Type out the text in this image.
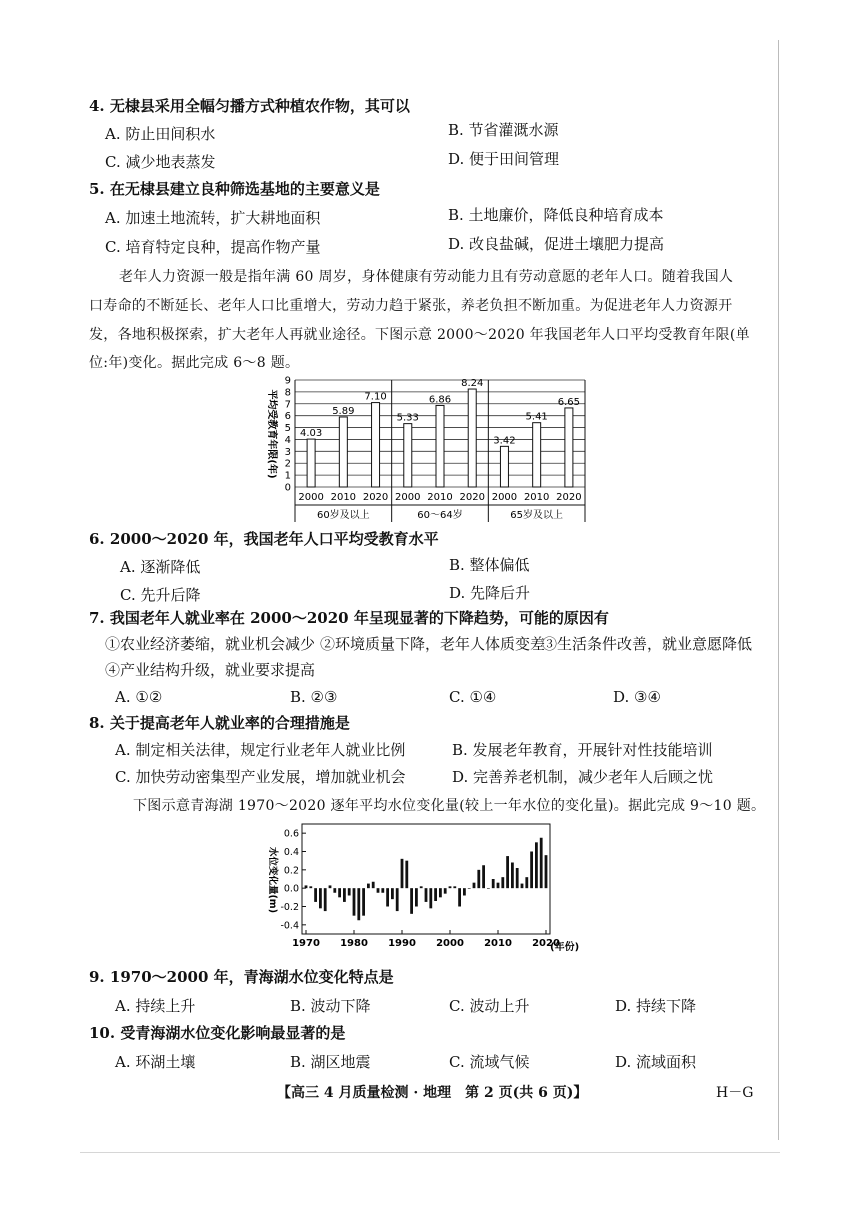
4. 无棣县采用全幅匀播方式种植农作物，其可以
A. 防止田间积水	B. 节省灌溉水源
C. 减少地表蒸发	D. 便于田间管理
5. 在无棣县建立良种筛选基地的主要意义是
A. 加速土地流转，扩大耕地面积	B. 土地廉价，降低良种培育成本
C. 培育特定良种，提高作物产量	D. 改良盐碱，促进土壤肥力提高
老年人力资源一般是指年满 60 周岁，身体健康有劳动能力且有劳动意愿的老年人口。随着我国人
口寿命的不断延长、老年人口比重增大，劳动力趋于紧张，养老负担不断加重。为促进老年人力资源开
发，各地积极探索，扩大老年人再就业途径。下图示意 2000～2020 年我国老年人口平均受教育年限(单
位:年)变化。据此完成 6～8 题。
4.03
5.89
7.10
5.33
6.86
8.24
3.42
5.41
6.65
0
1
2
3
4
5
6
7
8
9
2000 2010 2020 2000 2010 2020 2000 2010 2020
60岁及以上	60～64岁	65岁及以上
平均受教育年限(年)
6. 2000～2020 年，我国老年人口平均受教育水平
A. 逐渐降低	B. 整体偏低
C. 先升后降	D. 先降后升
7. 我国老年人就业率在 2000～2020 年呈现显著的下降趋势，可能的原因有
①农业经济萎缩，就业机会减少 ②环境质量下降，老年人体质变差
③生活条件改善，就业意愿降低
④产业结构升级，就业要求提高
A. ①②	B. ②③	C. ①④	D. ③④
8. 关于提高老年人就业率的合理措施是
A. 制定相关法律，规定行业老年人就业比例	B. 发展老年教育，开展针对性技能培训
C. 加快劳动密集型产业发展，增加就业机会	D. 完善养老机制，减少老年人后顾之忧
下图示意青海湖 1970～2020 逐年平均水位变化量(较上一年水位的变化量)。据此完成 9～10 题。
-0.4
-0.2
0.0
0.2
0.4
0.6
1970 1980 1990 2000 2010 2020
水位变化量(m)
(年份)
9. 1970～2000 年，青海湖水位变化特点是
A. 持续上升	B. 波动下降	C. 波动上升	D. 持续下降
10. 受青海湖水位变化影响最显著的是
A. 环湖土壤	B. 湖区地震	C. 流域气候	D. 流域面积
【高三 4 月质量检测 · 地理　第 2 页(共 6 页)】	H－G
